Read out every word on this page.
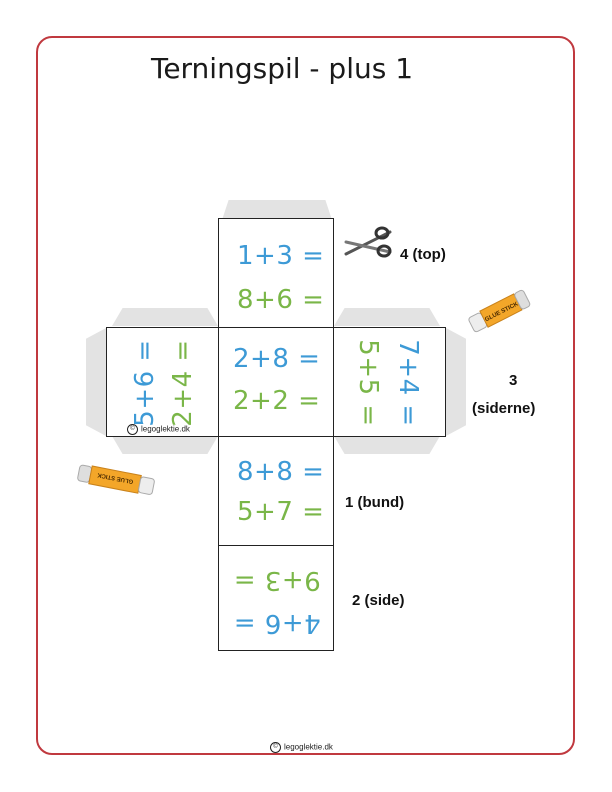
Terningspil - plus 1
1+3 =
8+6 =
2+8 =
2+2 =
5+6 = 2+4 =
© legoglektie.dk
7+4 =
5+5 =
8+8 =
5+7 =
4+6 =
9+3 =
4 (top)
3
(siderne)
1 (bund)
2 (side)
GLUE STICK
GLUE STICK
© legoglektie.dk
